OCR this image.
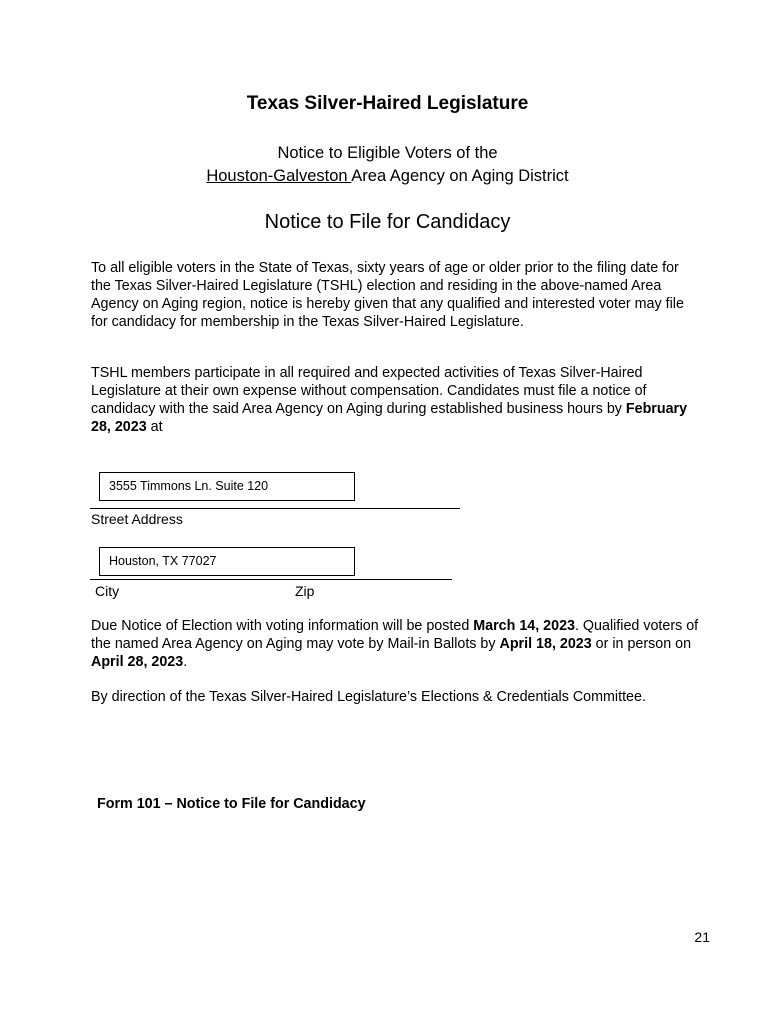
Texas Silver-Haired Legislature
Notice to Eligible Voters of the
Houston-Galveston Area Agency on Aging District
Notice to File for Candidacy

To all eligible voters in the State of Texas, sixty years of age or older prior to the filing date for the Texas Silver-Haired Legislature (TSHL) election and residing in the above-named Area Agency on Aging region, notice is hereby given that any qualified and interested voter may file for candidacy for membership in the Texas Silver-Haired Legislature.

TSHL members participate in all required and expected activities of Texas Silver-Haired Legislature at their own expense without compensation. Candidates must file a notice of candidacy with the said Area Agency on Aging during established business hours by February 28, 2023 at

3555 Timmons Ln. Suite 120
Street Address
Houston, TX 77027
City	Zip
Due Notice of Election with voting information will be posted March 14, 2023. Qualified voters of the named Area Agency on Aging may vote by Mail-in Ballots by April 18, 2023 or in person on April 28, 2023.
By direction of the Texas Silver-Haired Legislature’s Elections & Credentials Committee.
Form 101 – Notice to File for Candidacy
21
